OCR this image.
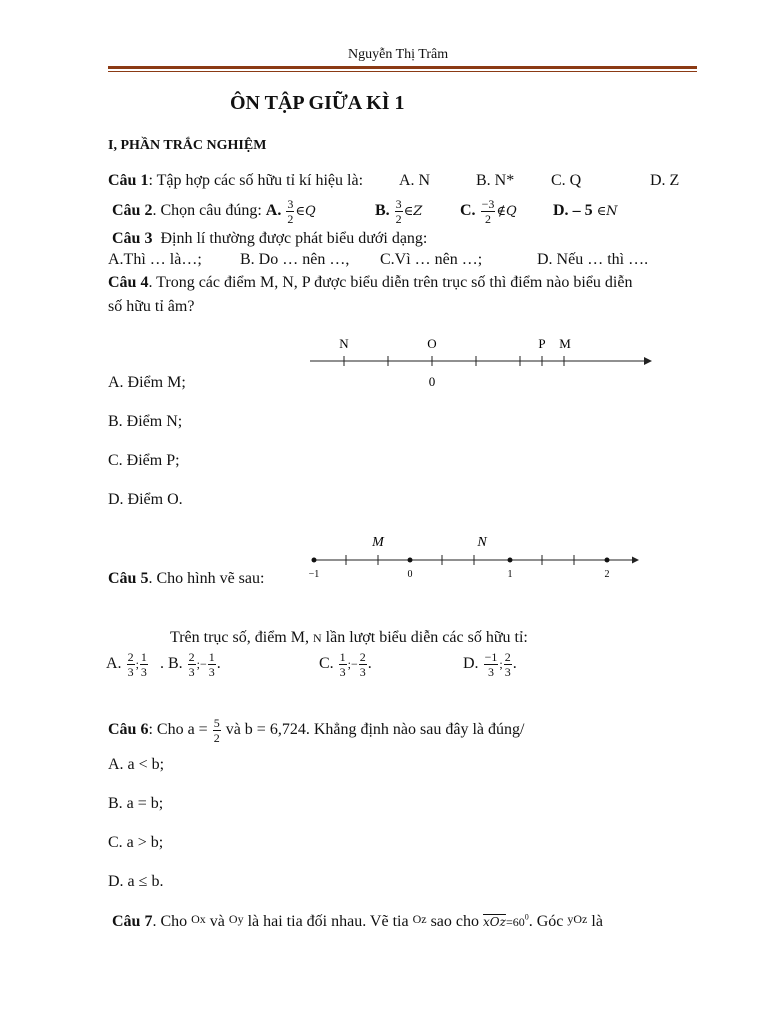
Nguyễn Thị Trâm
ÔN TẬP GIỮA KÌ 1
I, PHẦN TRẮC NGHIỆM
Câu 1: Tập hợp các số hữu tỉ kí hiệu là: A. N	B. N* C. Q	D. Z
Câu 2. Chọn câu đúng: A. $\frac{3}{2}$ ∈Q	B. $\frac{3}{2}$ ∈Z C. $\frac{-3}{2}$ ∉Q D. – 5 ∈N
Câu 3 Định lí thường được phát biểu dưới dạng:
A.Thì … là…; B. Do … nên …, C.Vì … nên …;	D. Nếu … thì ….
Câu 4. Trong các điểm M, N, P được biểu diễn trên trục số thì điểm nào biểu diễn
số hữu tỉ âm?
N	O	P M
0
A. Điểm M;
B. Điểm N;
C. Điểm P;
D. Điểm O.
M	N
−1	0	1	2
Câu 5. Cho hình vẽ sau:
Trên trục số, điểm M, N lần lượt biểu diễn các số hữu tỉ:
A. $\frac{2}{3}$ ; $\frac{1}{3}$ . B. $\frac{2}{3}$ ;− $\frac{1}{3}$ .	C. $\frac{1}{3}$ ;− $\frac{2}{3}$ .	D. $\frac{-1}{3}$ ; $\frac{2}{3}$ .
Câu 6: Cho $a = \frac{5}{2}$ và b = 6,724. Khẳng định nào sau đây là đúng/
A. a < b;
B. a = b;
C. a > b;
D. a ≤ b.
Câu 7. Cho Ox và Oy là hai tia đối nhau. Vẽ tia Oz sao cho $\overline{xOz}=60^0$. Góc yOz là
